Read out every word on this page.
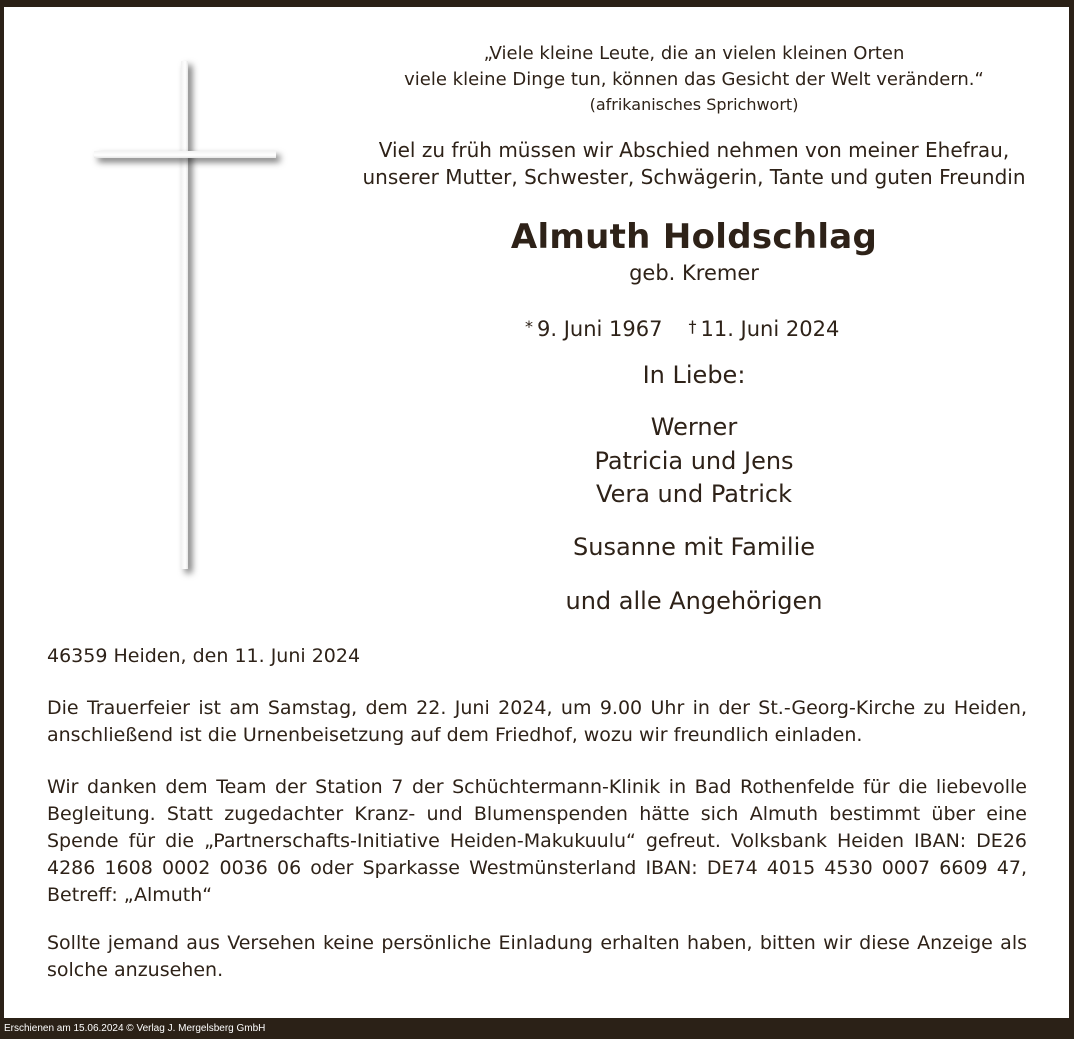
„Viele kleine Leute, die an vielen kleinen Orten

viele kleine Dinge tun, können das Gesicht der Welt verändern.“

(afrikanisches Sprichwort)

Viel zu früh müssen wir Abschied nehmen von meiner Ehefrau,

unserer Mutter, Schwester, Schwägerin, Tante und guten Freundin

Almuth Holdschlag

geb. Kremer

* 9. Juni 1967 † 11. Juni 2024

In Liebe:

Werner

Patricia und Jens

Vera und Patrick

Susanne mit Familie

und alle Angehörigen

46359 Heiden, den 11. Juni 2024

Die Trauerfeier ist am Samstag, dem 22. Juni 2024, um 9.00 Uhr in der St.-Georg-Kirche zu Heiden, anschließend ist die Urnenbeisetzung auf dem Friedhof, wozu wir freundlich einladen.

Wir danken dem Team der Station 7 der Schüchtermann-Klinik in Bad Rothenfelde für die liebevolle Begleitung. Statt zugedachter Kranz- und Blumenspenden hätte sich Almuth bestimmt über eine Spende für die „Partnerschafts-Initiative Heiden-Makukuulu“ gefreut. Volksbank Heiden IBAN: DE26 4286 1608 0002 0036 06 oder Sparkasse Westmünsterland IBAN: DE74 4015 4530 0007 6609 47, Betreff: „Almuth“

Sollte jemand aus Versehen keine persönliche Einladung erhalten haben, bitten wir diese Anzeige als solche anzusehen.

Erschienen am 15.06.2024 © Verlag J. Mergelsberg GmbH
